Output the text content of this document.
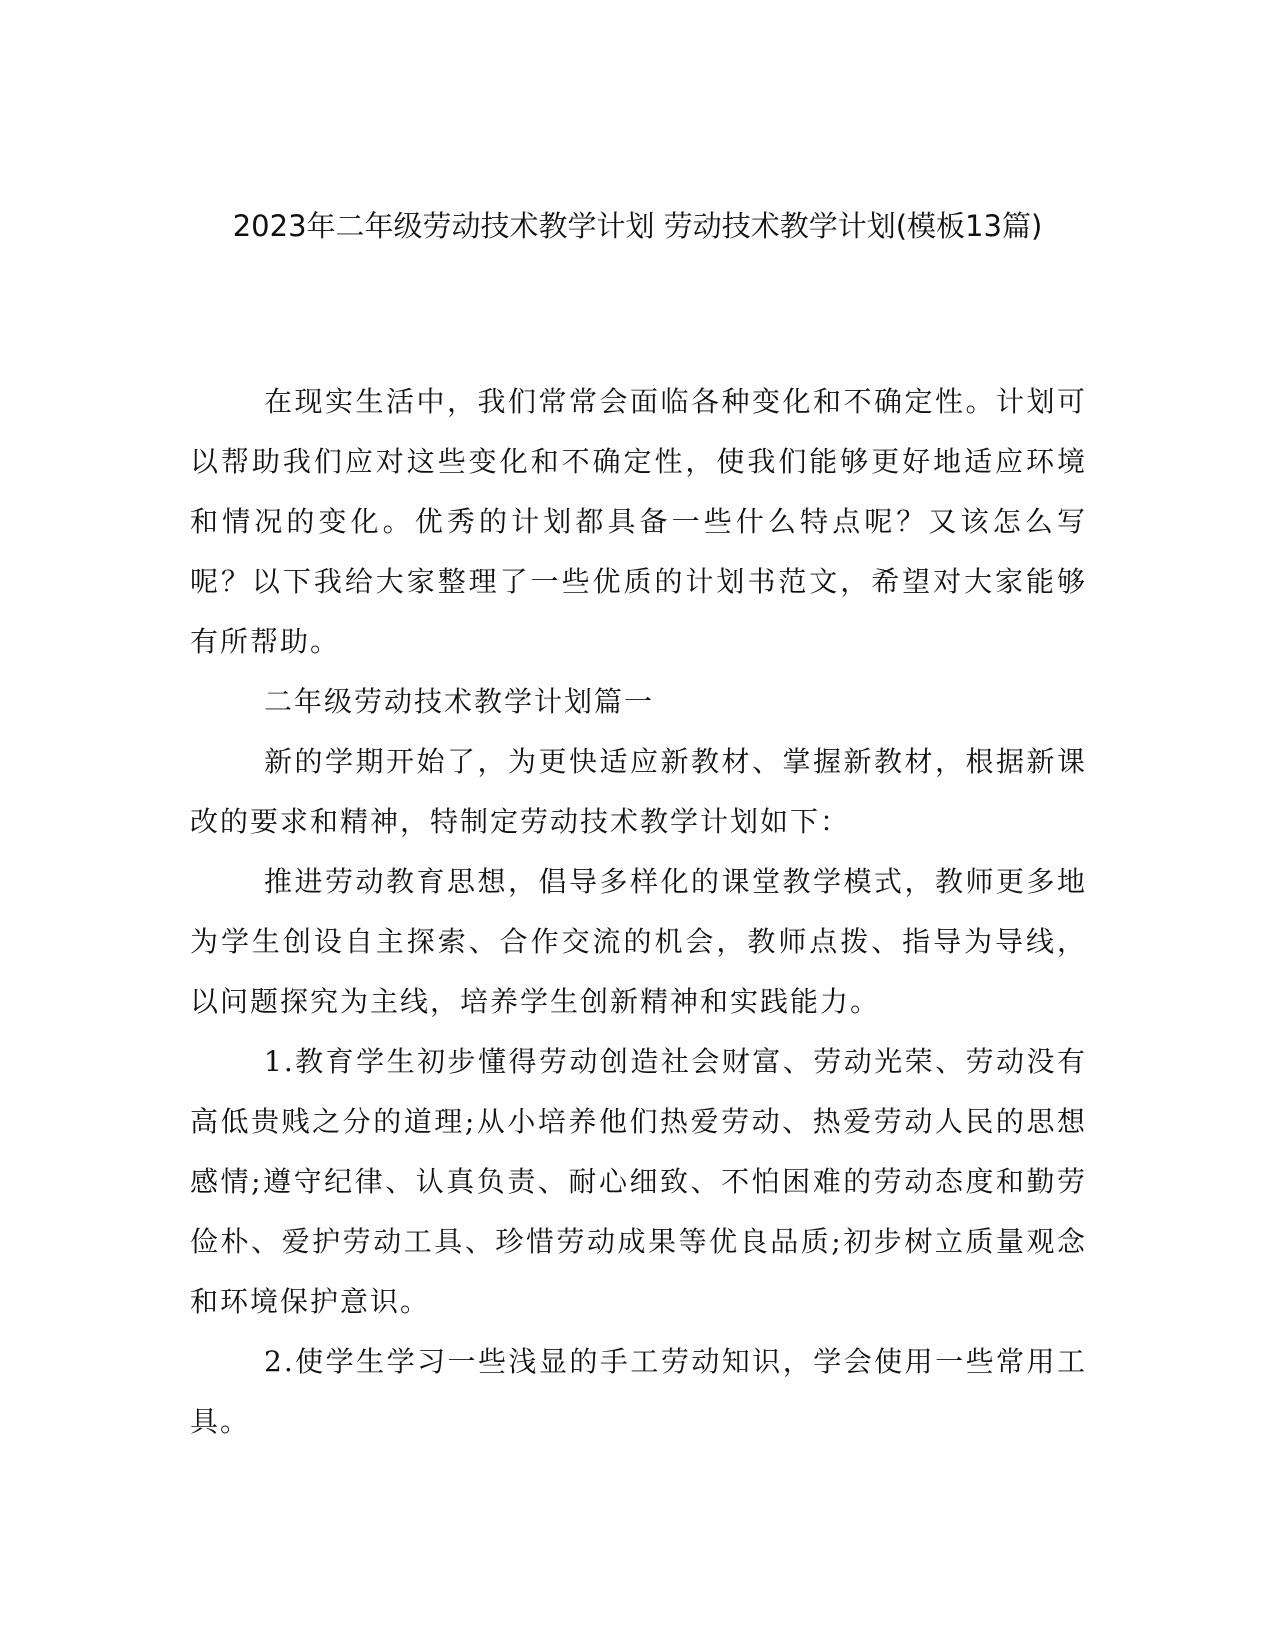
2023年二年级劳动技术教学计划 劳动技术教学计划(模板13篇)

在现实生活中，我们常常会面临各种变化和不确定性。计划可以帮助我们应对这些变化和不确定性，使我们能够更好地适应环境和情况的变化。优秀的计划都具备一些什么特点呢？又该怎么写呢？以下我给大家整理了一些优质的计划书范文，希望对大家能够有所帮助。

二年级劳动技术教学计划篇一

新的学期开始了，为更快适应新教材、掌握新教材，根据新课改的要求和精神，特制定劳动技术教学计划如下：

推进劳动教育思想，倡导多样化的课堂教学模式，教师更多地为学生创设自主探索、合作交流的机会，教师点拨、指导为导线，以问题探究为主线，培养学生创新精神和实践能力。

1.教育学生初步懂得劳动创造社会财富、劳动光荣、劳动没有高低贵贱之分的道理;从小培养他们热爱劳动、热爱劳动人民的思想感情;遵守纪律、认真负责、耐心细致、不怕困难的劳动态度和勤劳俭朴、爱护劳动工具、珍惜劳动成果等优良品质;初步树立质量观念和环境保护意识。

2.使学生学习一些浅显的手工劳动知识，学会使用一些常用工具。
